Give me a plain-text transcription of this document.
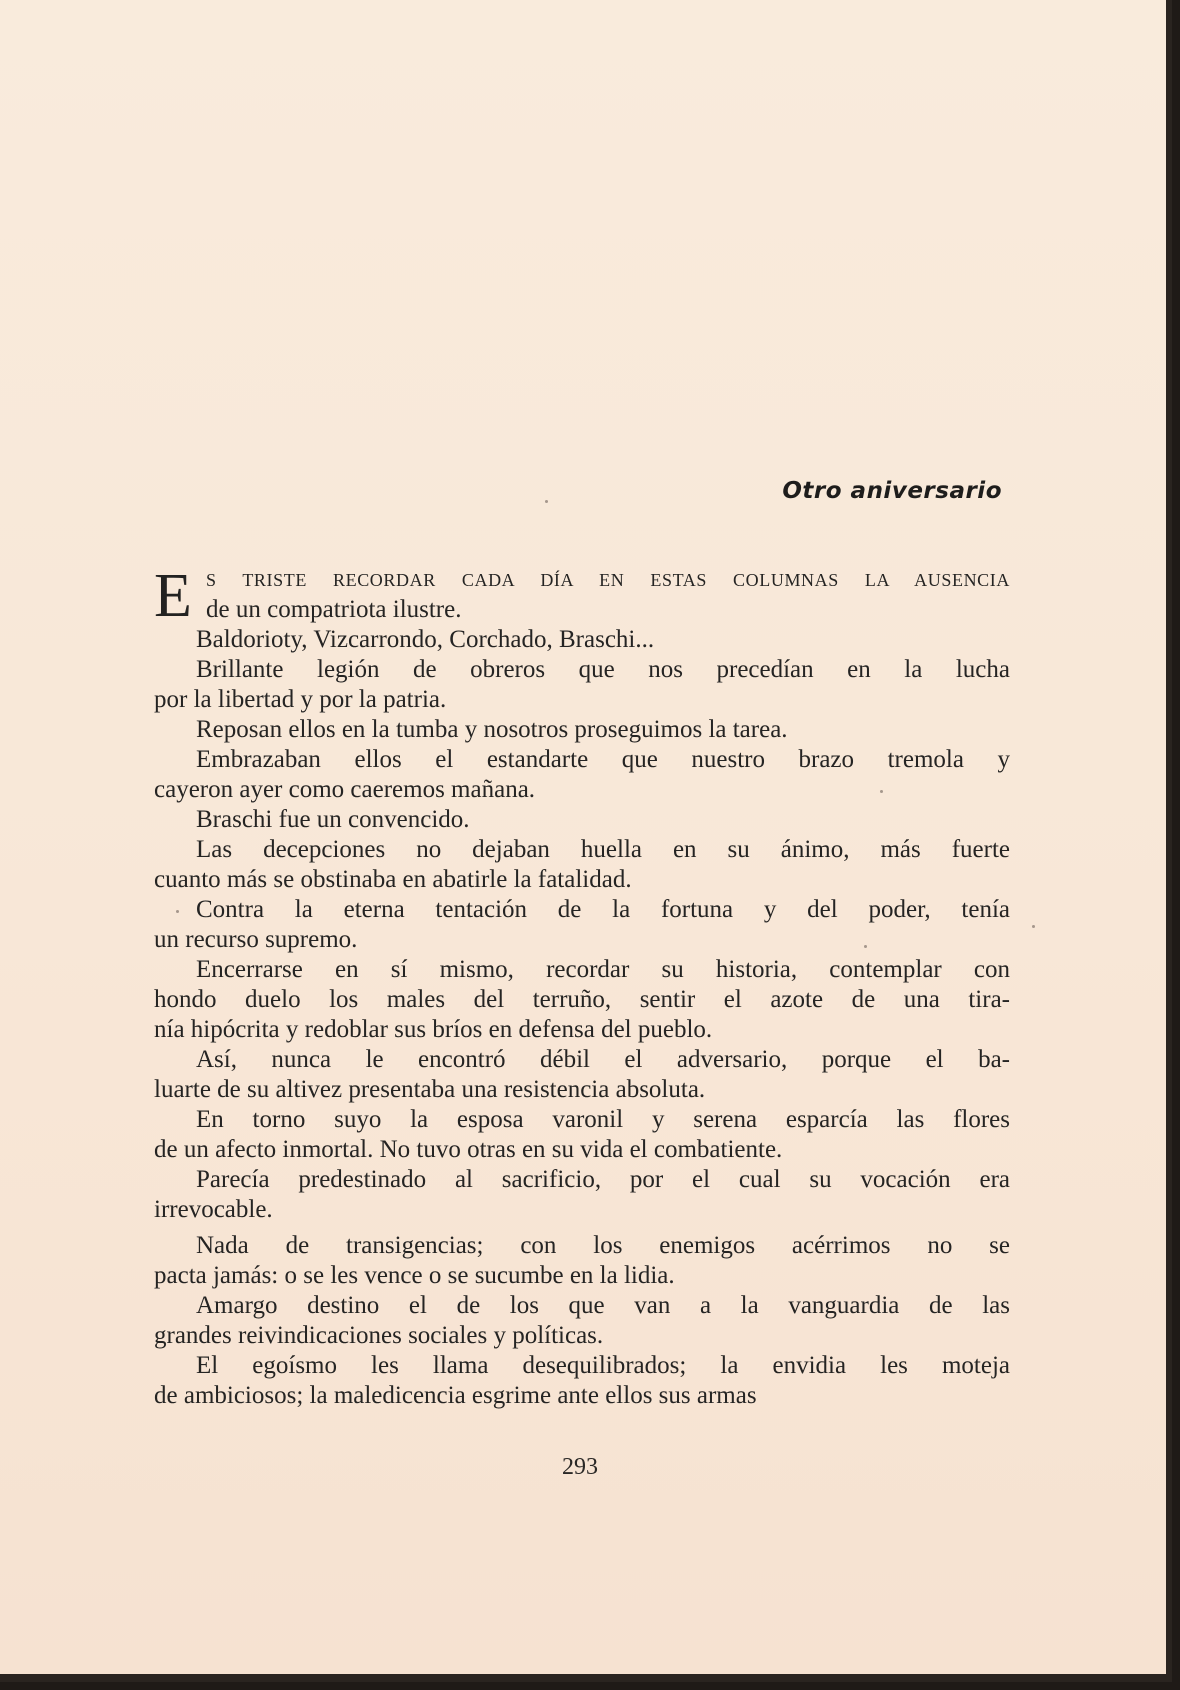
Otro aniversario
E S TRISTE RECORDAR CADA DÍA EN ESTAS COLUMNAS LA AUSENCIA
de un compatriota ilustre.
Baldorioty, Vizcarrondo, Corchado, Braschi...
Brillante legión de obreros que nos precedían en la lucha
por la libertad y por la patria.
Reposan ellos en la tumba y nosotros proseguimos la tarea.
Embrazaban ellos el estandarte que nuestro brazo tremola y
cayeron ayer como caeremos mañana.
Braschi fue un convencido.
Las decepciones no dejaban huella en su ánimo, más fuerte
cuanto más se obstinaba en abatirle la fatalidad.
Contra la eterna tentación de la fortuna y del poder, tenía
un recurso supremo.
Encerrarse en sí mismo, recordar su historia, contemplar con
hondo duelo los males del terruño, sentir el azote de una tira-
nía hipócrita y redoblar sus bríos en defensa del pueblo.
Así, nunca le encontró débil el adversario, porque el ba-
luarte de su altivez presentaba una resistencia absoluta.
En torno suyo la esposa varonil y serena esparcía las flores
de un afecto inmortal. No tuvo otras en su vida el combatiente.
Parecía predestinado al sacrificio, por el cual su vocación era
irrevocable.
Nada de transigencias; con los enemigos acérrimos no se
pacta jamás: o se les vence o se sucumbe en la lidia.
Amargo destino el de los que van a la vanguardia de las
grandes reivindicaciones sociales y políticas.
El egoísmo les llama desequilibrados; la envidia les moteja
de ambiciosos; la maledicencia esgrime ante ellos sus armas
293
